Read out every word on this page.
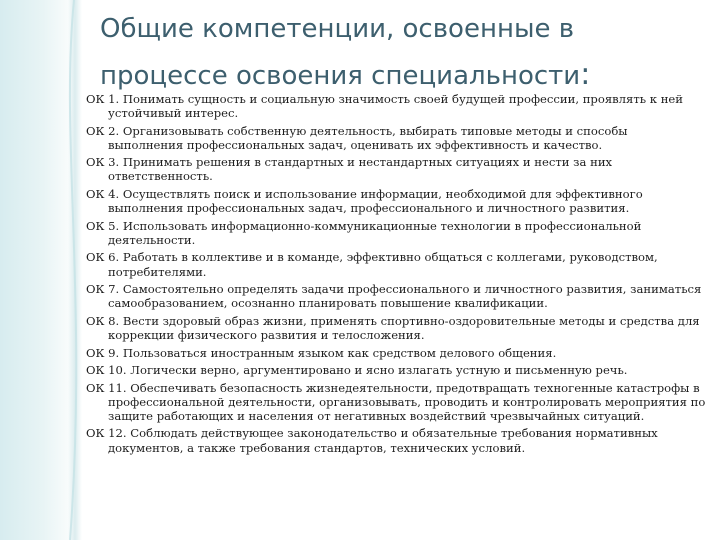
Общие компетенции, освоенные в процессе освоения специальности:

ОК 1. Понимать сущность и социальную значимость своей будущей профессии, проявлять к ней устойчивый интерес.

ОК 2. Организовывать собственную деятельность, выбирать типовые методы и способы выполнения профессиональных задач, оценивать их эффективность и качество.

ОК 3. Принимать решения в стандартных и нестандартных ситуациях и нести за них ответственность.

ОК 4. Осуществлять поиск и использование информации, необходимой для эффективного выполнения профессиональных задач, профессионального и личностного развития.

ОК 5. Использовать информационно-коммуникационные технологии в профессиональной деятельности.

ОК 6. Работать в коллективе и в команде, эффективно общаться с коллегами, руководством, потребителями.

ОК 7. Самостоятельно определять задачи профессионального и личностного развития, заниматься самообразованием, осознанно планировать повышение квалификации.

ОК 8. Вести здоровый образ жизни, применять спортивно-оздоровительные методы и средства для коррекции физического развития и телосложения.

ОК 9. Пользоваться иностранным языком как средством делового общения.

ОК 10. Логически верно, аргументировано и ясно излагать устную и письменную речь.

ОК 11. Обеспечивать безопасность жизнедеятельности, предотвращать техногенные катастрофы в профессиональной деятельности, организовывать, проводить и контролировать мероприятия по защите работающих и населения от негативных воздействий чрезвычайных ситуаций.

ОК 12. Соблюдать действующее законодательство и обязательные требования нормативных документов, а также требования стандартов, технических условий.
